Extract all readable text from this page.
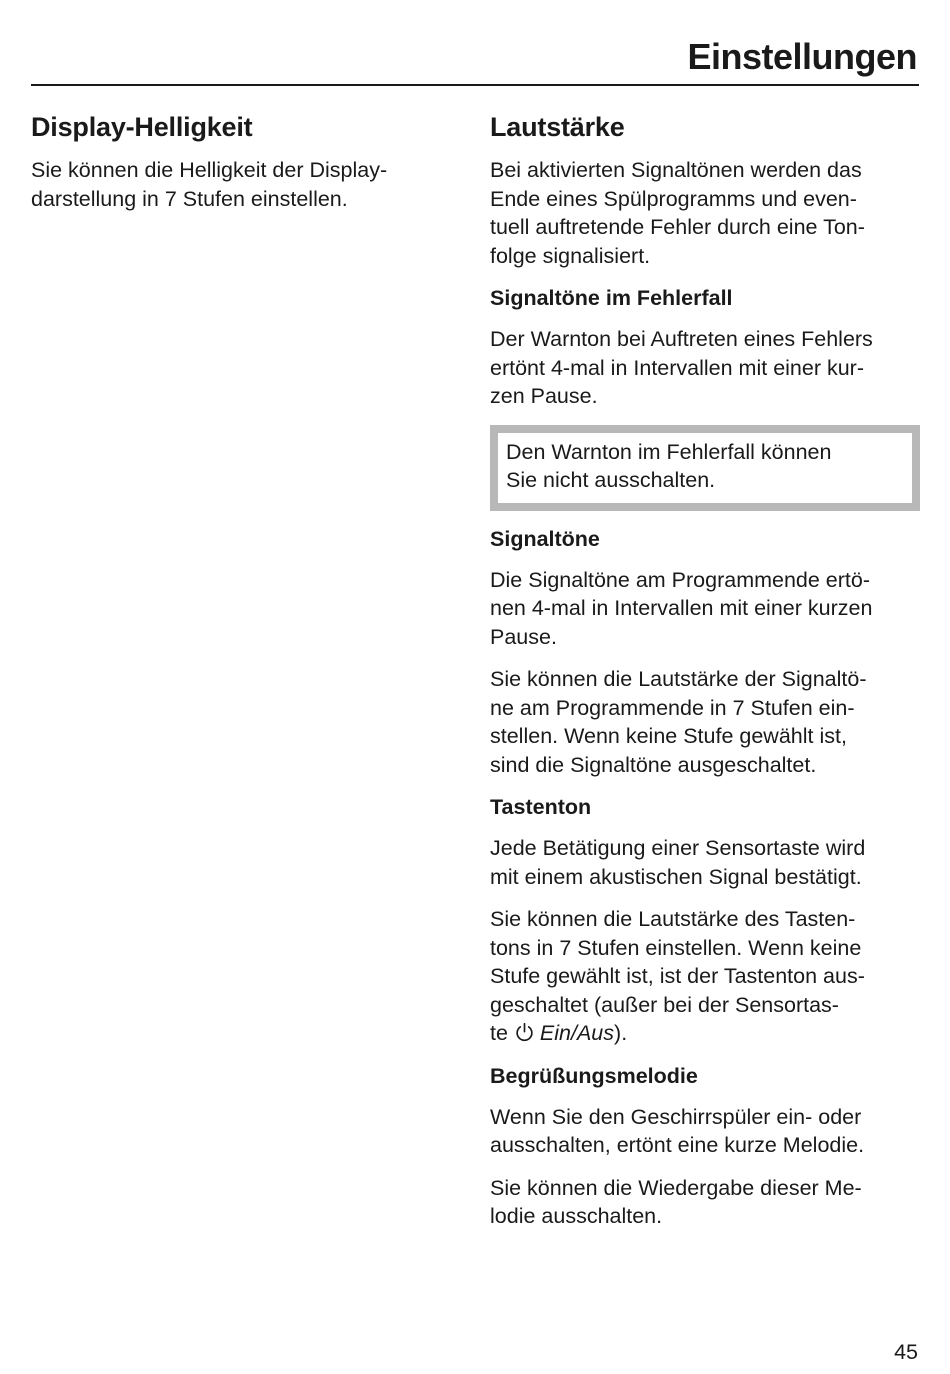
Einstellungen
Display-Helligkeit

Sie können die Helligkeit der Display-
darstellung in 7 Stufen einstellen.

Lautstärke

Bei aktivierten Signaltönen werden das
Ende eines Spülprogramms und even-
tuell auftretende Fehler durch eine Ton-
folge signalisiert.

Signaltöne im Fehlerfall

Der Warnton bei Auftreten eines Fehlers
ertönt 4-mal in Intervallen mit einer kur-
zen Pause.

Den Warnton im Fehlerfall können
Sie nicht ausschalten.
Signaltöne

Die Signaltöne am Programmende ertö-
nen 4-mal in Intervallen mit einer kurzen
Pause.

Sie können die Lautstärke der Signaltö-
ne am Programmende in 7 Stufen ein-
stellen. Wenn keine Stufe gewählt ist,
sind die Signaltöne ausgeschaltet.

Tastenton

Jede Betätigung einer Sensortaste wird
mit einem akustischen Signal bestätigt.

Sie können die Lautstärke des Tasten-
tons in 7 Stufen einstellen. Wenn keine
Stufe gewählt ist, ist der Tastenton aus-
geschaltet (außer bei der Sensortas-
te Ein/Aus).

Begrüßungsmelodie

Wenn Sie den Geschirrspüler ein- oder
ausschalten, ertönt eine kurze Melodie.

Sie können die Wiedergabe dieser Me-
lodie ausschalten.

45
